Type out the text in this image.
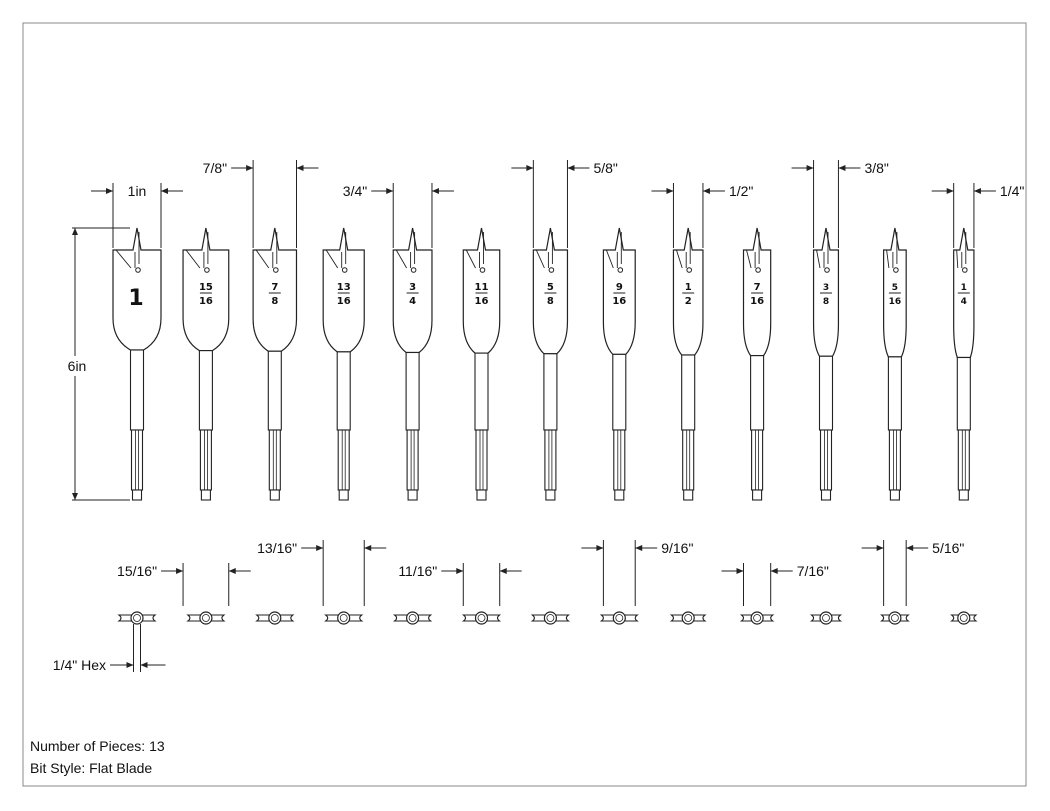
1in
7/8"
3/4"
5/8"
1/2"
3/8"
1/4"
1	15
16
7
8
13
16
3
4
11
16
5
8
9
16
1
2
7
16
3
8
5
16
1
4
15/16"
13/16"
11/16"
9/16"
7/16"
5/16"
6in
1/4" Hex
Number of Pieces: 13
Bit Style: Flat Blade
